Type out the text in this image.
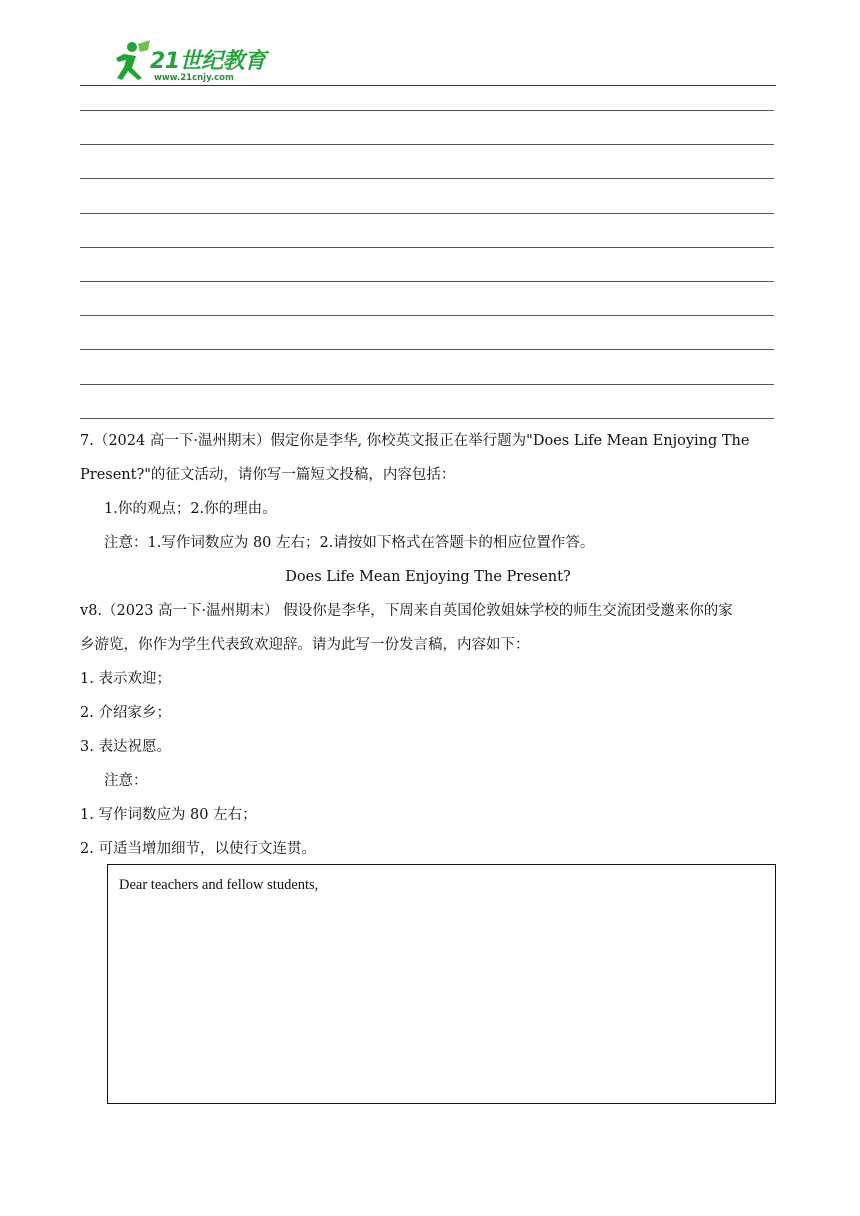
21世纪教育
www.21cnjy.com
7.（2024 高一下·温州期末）假定你是李华, 你校英文报正在举行题为"Does Life Mean Enjoying The
Present?"的征文活动，请你写一篇短文投稿，内容包括：
1.你的观点；2.你的理由。
注意：1.写作词数应为 80 左右；2.请按如下格式在答题卡的相应位置作答。
Does Life Mean Enjoying The Present?
v8.（2023 高一下·温州期末） 假设你是李华，下周来自英国伦敦姐妹学校的师生交流团受邀来你的家
乡游览，你作为学生代表致欢迎辞。请为此写一份发言稿，内容如下：
1. 表示欢迎；
2. 介绍家乡；
3. 表达祝愿。
注意：
1. 写作词数应为 80 左右；
2. 可适当增加细节，以使行文连贯。
Dear teachers and fellow students,
